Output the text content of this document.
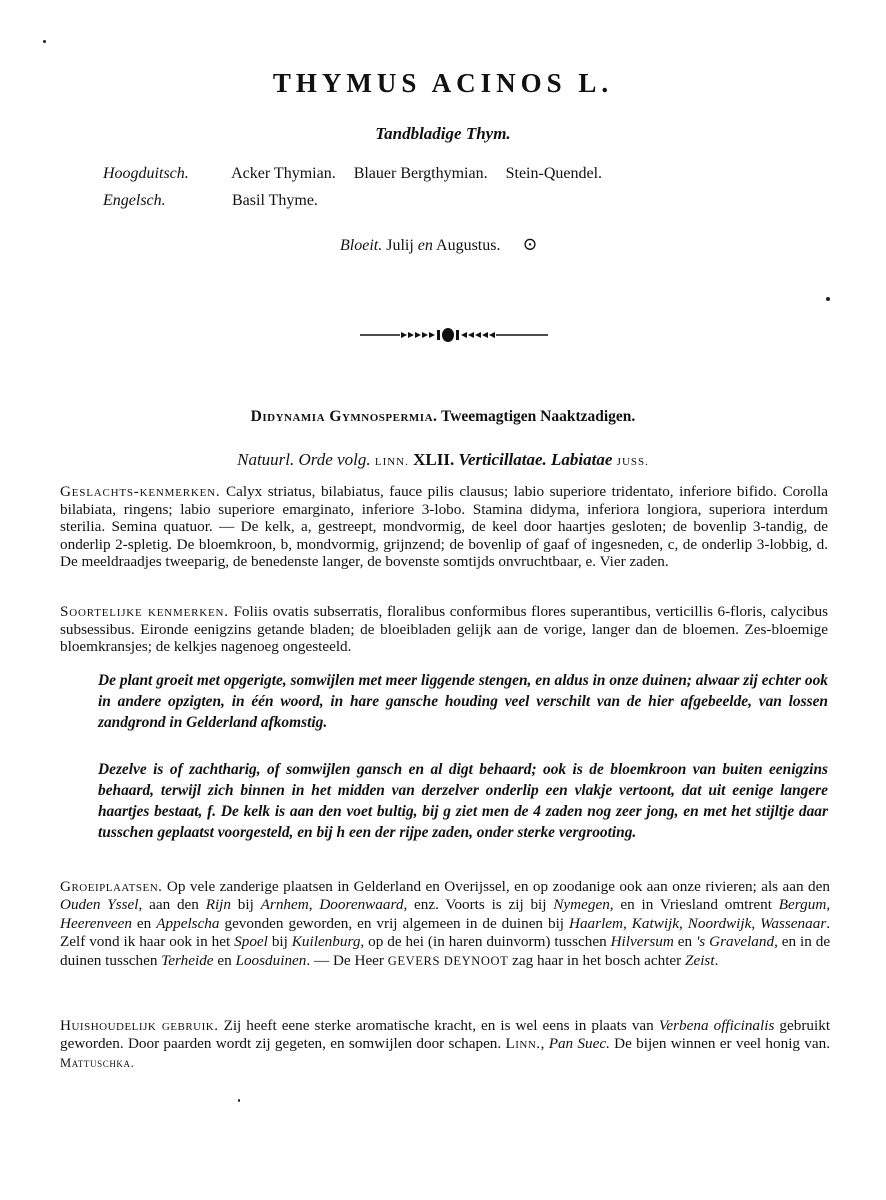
THYMUS ACINOS L.
Tandbladige Thym.
Hoogduitsch.	Acker Thymian. Blauer Bergthymian. Stein-Quendel.
Engelsch.	Basil Thyme.
Bloeit. Julij en Augustus. ⊙
Didynamia Gymnospermia. Tweemagtigen Naaktzadigen.
Natuurl. Orde volg. LINN. XLII. Verticillatae. Labiatae JUSS.
Geslachts-kenmerken. Calyx striatus, bilabiatus, fauce pilis clausus; labio superiore tridentato, inferiore bifido. Corolla bilabiata, ringens; labio superiore emarginato, inferiore 3-lobo. Stamina didyma, inferiora longiora, superiora interdum sterilia. Semina quatuor. — De kelk, a, gestreept, mondvormig, de keel door haartjes gesloten; de bovenlip 3-tandig, de onderlip 2-spletig. De bloemkroon, b, mondvormig, grijnzend; de bovenlip of gaaf of ingesneden, c, de onderlip 3-lobbig, d. De meeldraadjes tweeparig, de benedenste langer, de bovenste somtijds onvruchtbaar, e. Vier zaden.
Soortelijke kenmerken. Foliis ovatis subserratis, floralibus conformibus flores superantibus, verticillis 6-floris, calycibus subsessibus. Eironde eenigzins getande bladen; de bloeibladen gelijk aan de vorige, langer dan de bloemen. Zes-bloemige bloemkransjes; de kelkjes nagenoeg ongesteeld.
De plant groeit met opgerigte, somwijlen met meer liggende stengen, en aldus in onze duinen; alwaar zij echter ook in andere opzigten, in één woord, in hare gansche houding veel verschilt van de hier afgebeelde, van lossen zandgrond in Gelderland afkomstig.
Dezelve is of zachtharig, of somwijlen gansch en al digt behaard; ook is de bloemkroon van buiten eenigzins behaard, terwijl zich binnen in het midden van derzelver onderlip een vlakje vertoont, dat uit eenige langere haartjes bestaat, f. De kelk is aan den voet bultig, bij g ziet men de 4 zaden nog zeer jong, en met het stijltje daar tusschen geplaatst voorgesteld, en bij h een der rijpe zaden, onder sterke vergrooting.
Groeiplaatsen. Op vele zanderige plaatsen in Gelderland en Overijssel, en op zoodanige ook aan onze rivieren; als aan den Ouden Yssel, aan den Rijn bij Arnhem, Doorenwaard, enz. Voorts is zij bij Nymegen, en in Vriesland omtrent Bergum, Heerenveen en Appelscha gevonden geworden, en vrij algemeen in de duinen bij Haarlem, Katwijk, Noordwijk, Wassenaar. Zelf vond ik haar ook in het Spoel bij Kuilenburg, op de hei (in haren duinvorm) tusschen Hilversum en 's Graveland, en in de duinen tusschen Terheide en Loosduinen. — De Heer GEVERS DEYNOOT zag haar in het bosch achter Zeist.
Huishoudelijk gebruik. Zij heeft eene sterke aromatische kracht, en is wel eens in plaats van Verbena officinalis gebruikt geworden. Door paarden wordt zij gegeten, en somwijlen door schapen. Linn., Pan Suec. De bijen winnen er veel honig van. Mattuschka.
